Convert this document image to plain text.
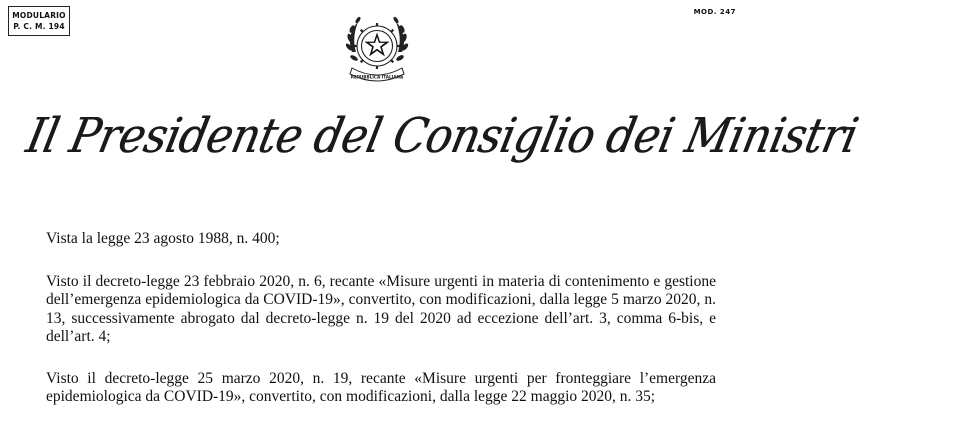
MODULARIO
P. C. M. 194
MOD. 247
REPUBBLICA ITALIANA
Il Presidente del Consiglio dei Ministri

Vista la legge 23 agosto 1988, n. 400;

Visto il decreto-legge 23 febbraio 2020, n. 6, recante «Misure urgenti in materia di contenimento e gestione dell’emergenza epidemiologica da COVID-19», convertito, con modificazioni, dalla legge 5 marzo 2020, n. 13, successivamente abrogato dal decreto-legge n. 19 del 2020 ad eccezione dell’art. 3, comma 6-bis, e dell’art. 4;

Visto il decreto-legge 25 marzo 2020, n. 19, recante «Misure urgenti per fronteggiare l’emergenza epidemiologica da COVID-19», convertito, con modificazioni, dalla legge 22 maggio 2020, n. 35;
